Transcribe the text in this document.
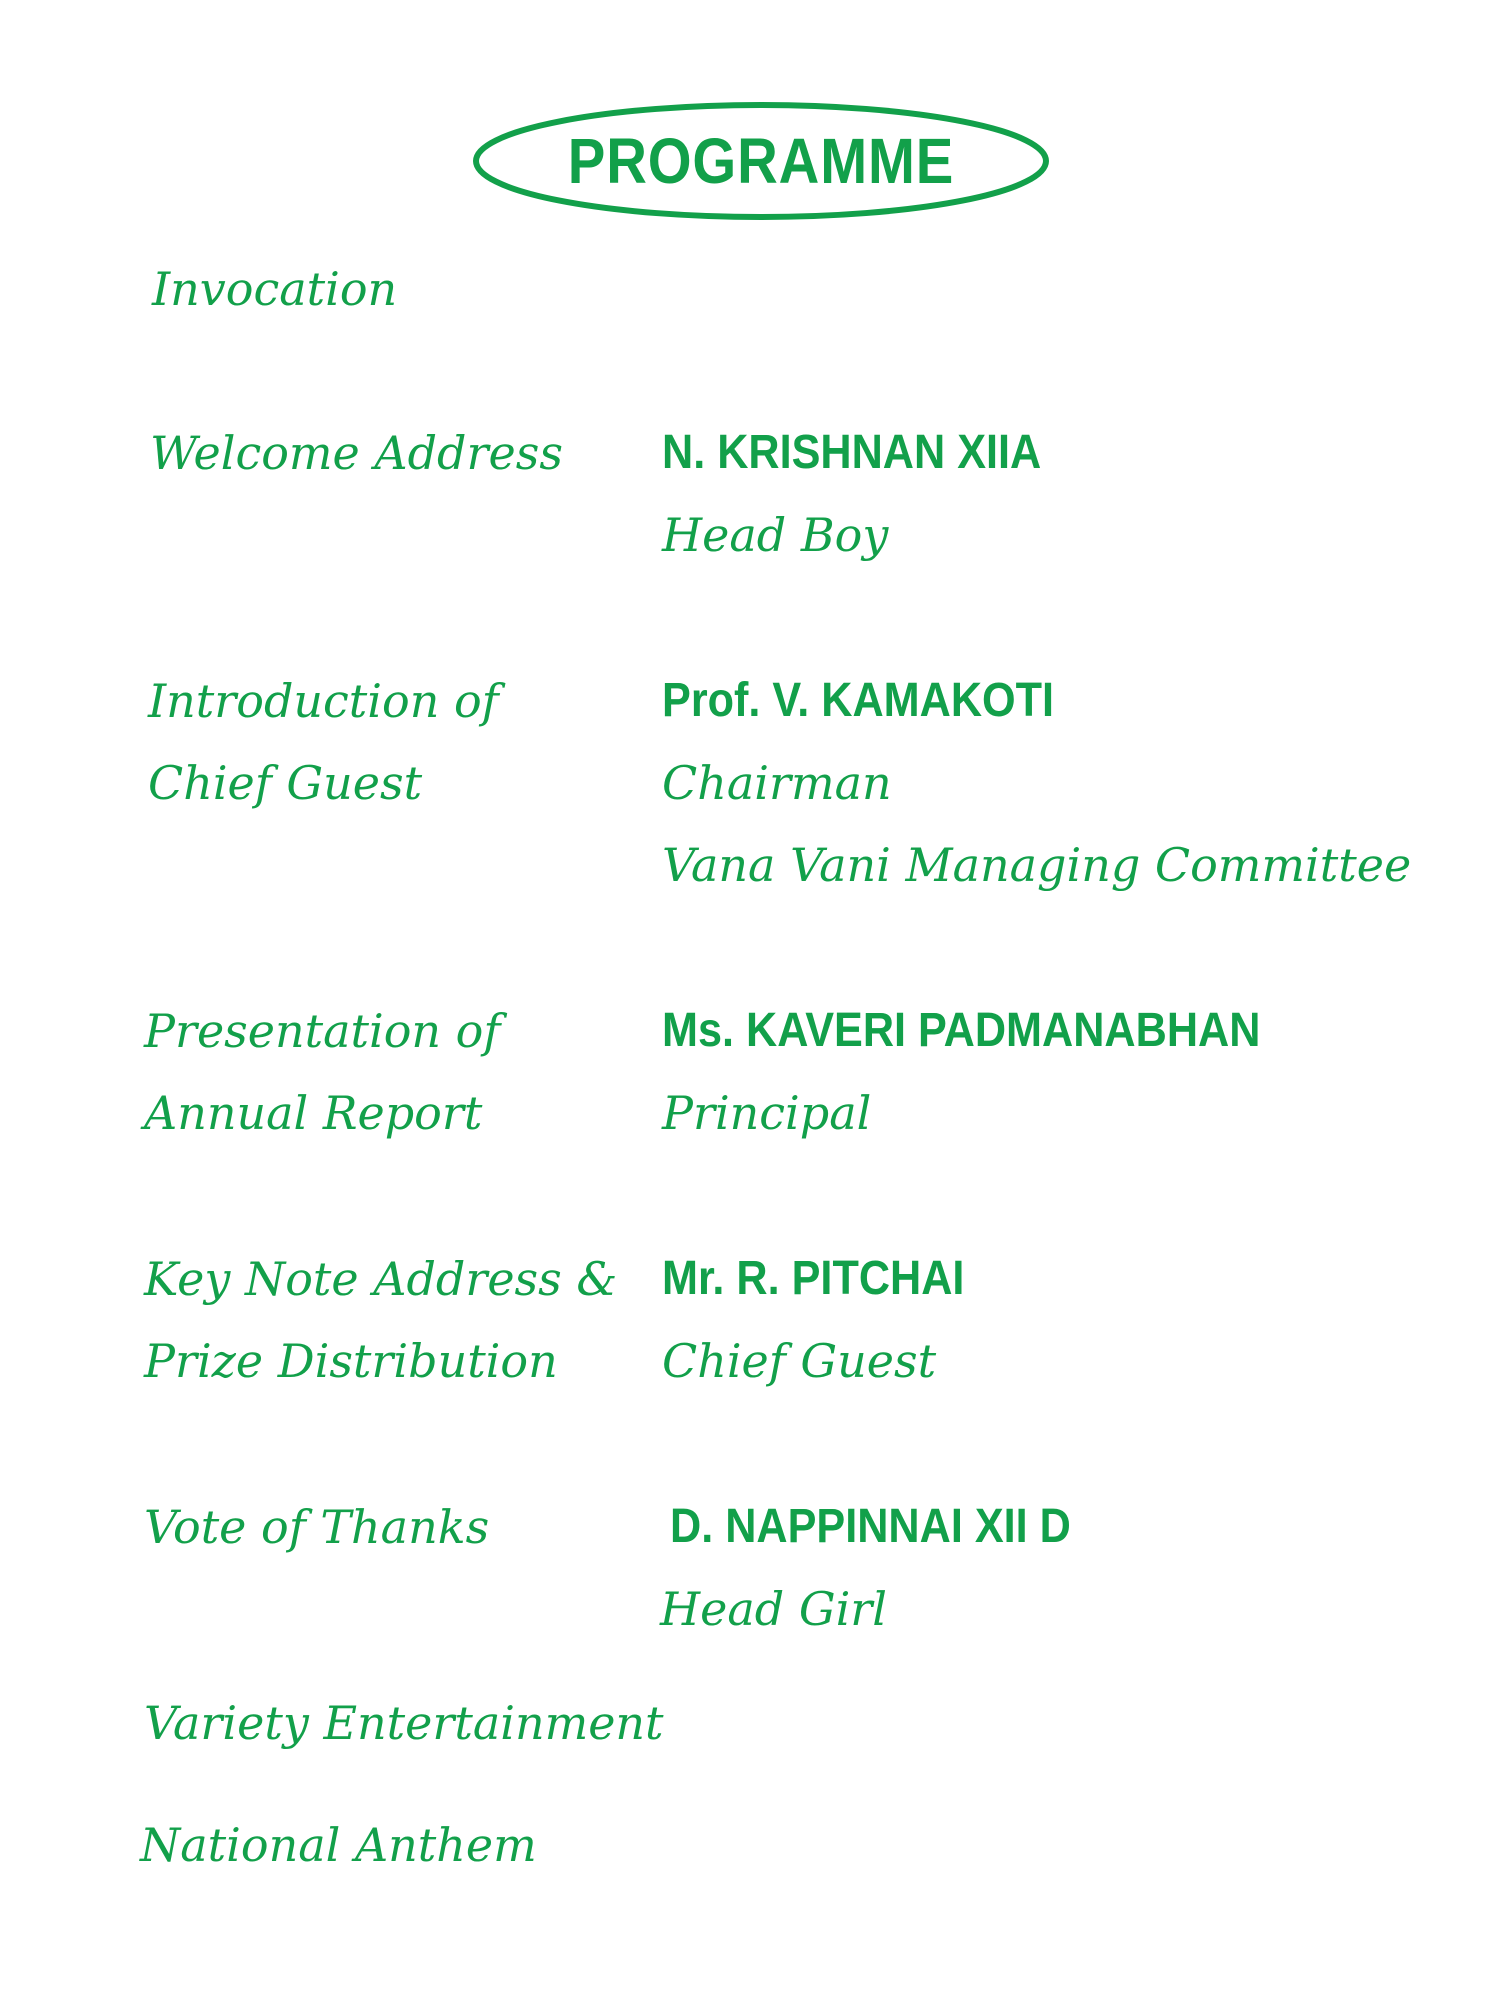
PROGRAMME
Invocation
Welcome Address N. KRISHNAN XIIA
Head Boy
Introduction of
Chief Guest
Prof. V. KAMAKOTI
Chairman
Vana Vani Managing Committee
Presentation of
Annual Report
Ms. KAVERI PADMANABHAN
Principal
Key Note Address &
Prize Distribution
Mr. R. PITCHAI
Chief Guest
Vote of Thanks	D. NAPPINNAI XII D
Head Girl
Variety Entertainment
National Anthem
